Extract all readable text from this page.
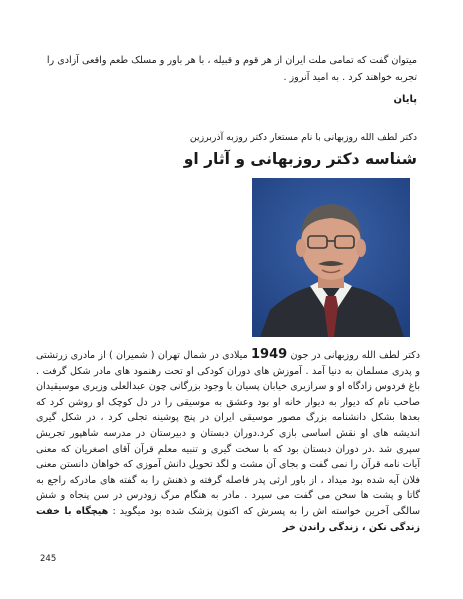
میتوان گفت که تمامی ملت ایران از هر قوم و قبیله ، با هر باور و مسلک طعم واقعی آزادی را تجربه خواهند کرد . به امید آنروز .
پایان
دکتر لطف الله روزبهانی با نام مستعار دکتر روزبه آذربرزین
شناسه دکتر روزبهانی و آثار او
دکتر لطف الله روزبهانی در جون 1949 میلادی در شمال تهران ( شمیران ) از مادری زرتشتی و پدری مسلمان به دنیا آمد . آموزش های دوران کودکی او تحت رهنمود های مادر شکل گرفت . باغ فردوس زادگاه او و سرازیری خیابان پسیان با وجود بزرگانی چون عبدالعلی وزیری موسیقیدان صاحب نام که دیوار به دیوار خانه او بود وعشق به موسیقی را در دل کوچک او روشن کرد که بعدها بشکل دانشنامه بزرگ مصور موسیقی ایران در پنج پوشینه تجلی کرد ، در شکل گیری اندیشه های او نقش اساسی بازی کرد.دوران دبستان و دبیرستان در مدرسه شاهپور تجریش سپری شد .در دوران دبستان بود که با سخت گیری و تنبیه معلم قرآن آقای اصغریان که معنی آیات نامه قرآن را نمی گفت و بجای آن مشت و لگد تحویل دانش آموزی که خواهان دانستن معنی فلان آیه شده بود میداد ، از باور ارثی پدر فاصله گرفته و ذهنش را به گفته های مادرکه راجع به گاتا و پشت ها سخن می گفت می سپرد . مادر به هنگام مرگ زودرس در سن پنجاه و شش سالگی آخرین خواسته اش را به پسرش که اکنون پزشک شده بود میگوید : هیچگاه با خفت زندگی نکن ، زندگی راندن خر
245
